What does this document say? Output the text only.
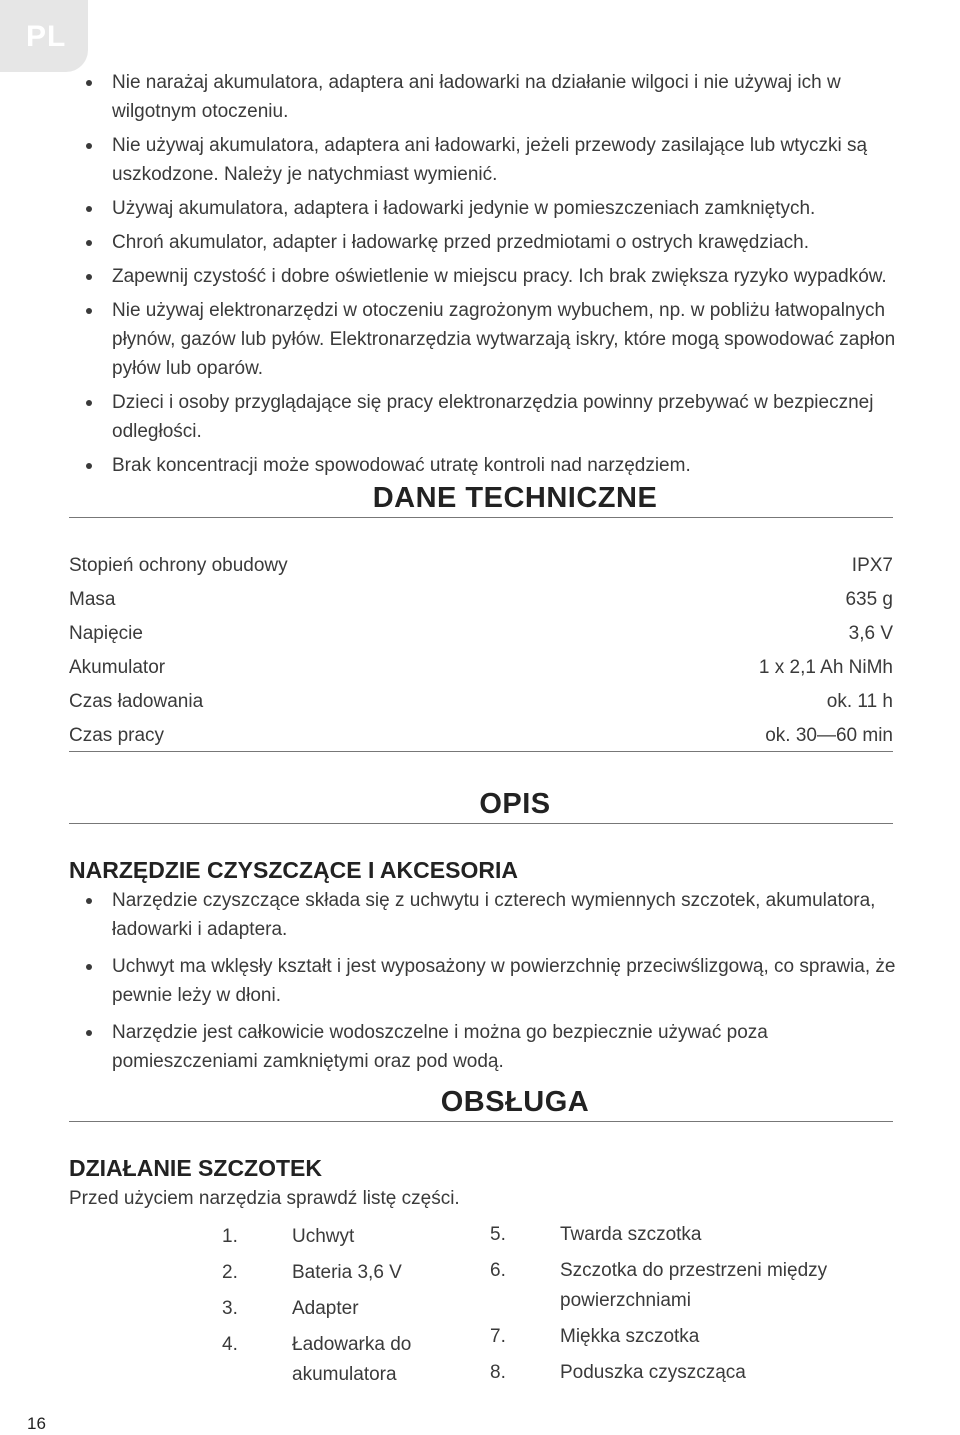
PL
Nie narażaj akumulatora, adaptera ani ładowarki na działanie wilgoci i nie używaj ich w wilgotnym otoczeniu.
Nie używaj akumulatora, adaptera ani ładowarki, jeżeli przewody zasilające lub wtyczki są uszkodzone. Należy je natychmiast wymienić.
Używaj akumulatora, adaptera i ładowarki jedynie w pomieszczeniach zamkniętych.
Chroń akumulator, adapter i ładowarkę przed przedmiotami o ostrych krawędziach.
Zapewnij czystość i dobre oświetlenie w miejscu pracy. Ich brak zwiększa ryzyko wypadków.
Nie używaj elektronarzędzi w otoczeniu zagrożonym wybuchem, np. w pobliżu łatwopalnych płynów, gazów lub pyłów. Elektronarzędzia wytwarzają iskry, które mogą spowodować zapłon pyłów lub oparów.
Dzieci i osoby przyglądające się pracy elektronarzędzia powinny przebywać w bezpiecznej odległości.
Brak koncentracji może spowodować utratę kontroli nad narzędziem.
DANE TECHNICZNE
Stopień ochrony obudowy	IPX7
Masa	635 g
Napięcie	3,6 V
Akumulator	1 x 2,1 Ah NiMh
Czas ładowania	ok. 11 h
Czas pracy	ok. 30—60 min
OPIS
NARZĘDZIE CZYSZCZĄCE I AKCESORIA
Narzędzie czyszczące składa się z uchwytu i czterech wymiennych szczotek, akumulatora, ładowarki i adaptera.
Uchwyt ma wklęsły kształt i jest wyposażony w powierzchnię przeciwślizgową, co sprawia, że pewnie leży w dłoni.
Narzędzie jest całkowicie wodoszczelne i można go bezpiecznie używać poza pomieszczeniami zamkniętymi oraz pod wodą.
OBSŁUGA
DZIAŁANIE SZCZOTEK
Przed użyciem narzędzia sprawdź listę części.
1.	Uchwyt
2.	Bateria 3,6 V
3.	Adapter
4.	Ładowarka do akumulatora
5.	Twarda szczotka
6.	Szczotka do przestrzeni między powierzchniami
7.	Miękka szczotka
8.	Poduszka czyszcząca
16
